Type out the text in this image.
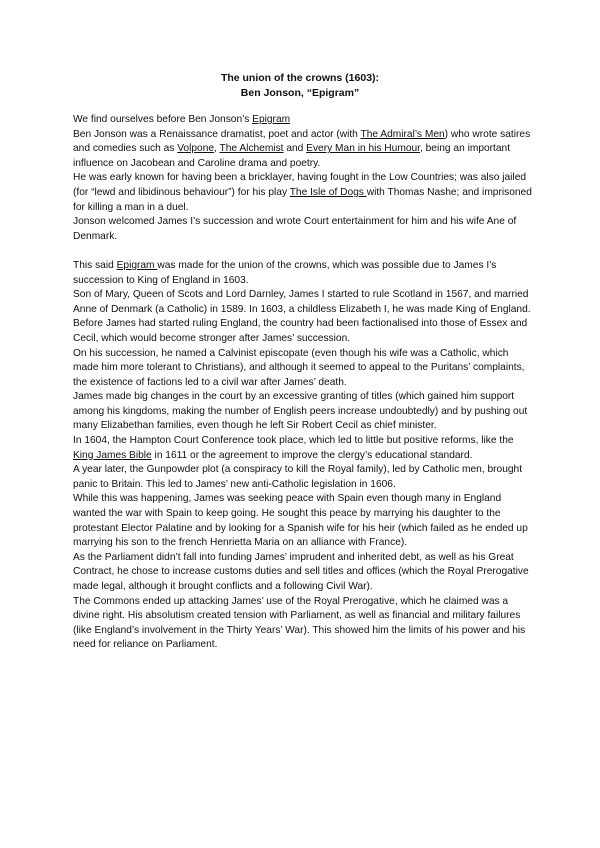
The union of the crowns (1603):
Ben Jonson, “Epigram”

We find ourselves before Ben Jonson’s Epigram

Ben Jonson was a Renaissance dramatist, poet and actor (with The Admiral’s Men) who wrote satires and comedies such as Volpone, The Alchemist and Every Man in his Humour, being an important influence on Jacobean and Caroline drama and poetry.

He was early known for having been a bricklayer, having fought in the Low Countries; was also jailed (for “lewd and libidinous behaviour”) for his play The Isle of Dogs with Thomas Nashe; and imprisoned for killing a man in a duel.

Jonson welcomed James I’s succession and wrote Court entertainment for him and his wife Ane of Denmark.

This said Epigram was made for the union of the crowns, which was possible due to James I’s succession to King of England in 1603.

Son of Mary, Queen of Scots and Lord Darnley, James I started to rule Scotland in 1567, and married Anne of Denmark (a Catholic) in 1589. In 1603, a childless Elizabeth I, he was made King of England.

Before James had started ruling England, the country had been factionalised into those of Essex and Cecil, which would become stronger after James’ succession.

On his succession, he named a Calvinist episcopate (even though his wife was a Catholic, which made him more tolerant to Christians), and although it seemed to appeal to the Puritans’ complaints, the existence of factions led to a civil war after James’ death.

James made big changes in the court by an excessive granting of titles (which gained him support among his kingdoms, making the number of English peers increase undoubtedly) and by pushing out many Elizabethan families, even though he left Sir Robert Cecil as chief minister.

In 1604, the Hampton Court Conference took place, which led to little but positive reforms, like the King James Bible in 1611 or the agreement to improve the clergy’s educational standard.

A year later, the Gunpowder plot (a conspiracy to kill the Royal family), led by Catholic men, brought panic to Britain. This led to James’ new anti-Catholic legislation in 1606.

While this was happening, James was seeking peace with Spain even though many in England wanted the war with Spain to keep going. He sought this peace by marrying his daughter to the protestant Elector Palatine and by looking for a Spanish wife for his heir (which failed as he ended up marrying his son to the french Henrietta Maria on an alliance with France).

As the Parliament didn’t fall into funding James’ imprudent and inherited debt, as well as his Great Contract, he chose to increase customs duties and sell titles and offices (which the Royal Prerogative made legal, although it brought conflicts and a following Civil War).

The Commons ended up attacking James’ use of the Royal Prerogative, which he claimed was a divine right. His absolutism created tension with Parliament, as well as financial and military failures (like England’s involvement in the Thirty Years’ War). This showed him the limits of his power and his need for reliance on Parliament.
